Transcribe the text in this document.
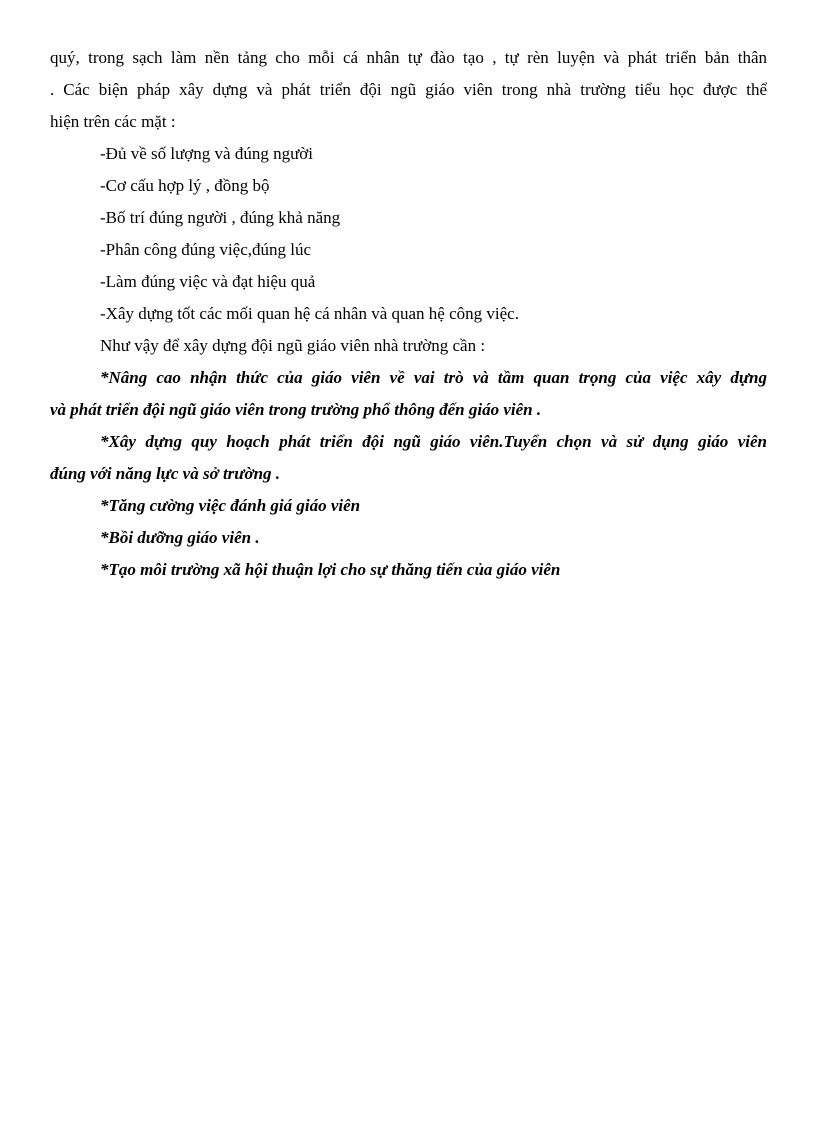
quý, trong sạch làm nền tảng cho mỗi cá nhân tự đào tạo , tự rèn luyện và phát triển bản thân

. Các biện pháp xây dựng và phát triển đội ngũ giáo viên trong nhà trường tiểu học được thể

hiện trên các mặt :

-Đủ về số lượng và đúng người

-Cơ cấu hợp lý , đồng bộ

-Bố trí đúng người , đúng khả năng

-Phân công đúng việc,đúng lúc

-Làm đúng việc và đạt hiệu quả

-Xây dựng tốt các mối quan hệ cá nhân và quan hệ công việc.

Như vậy để xây dựng đội ngũ giáo viên nhà trường cần :

*Nâng cao nhận thức của giáo viên về vai trò và tầm quan trọng của việc xây dựng

và phát triển đội ngũ giáo viên trong trường phổ thông đến giáo viên .

*Xây dựng quy hoạch phát triển đội ngũ giáo viên.Tuyển chọn và sử dụng giáo viên

đúng với năng lực và sở trường .

*Tăng cường việc đánh giá giáo viên

*Bồi dưỡng giáo viên .

*Tạo môi trường xã hội thuận lợi cho sự thăng tiến của giáo viên
